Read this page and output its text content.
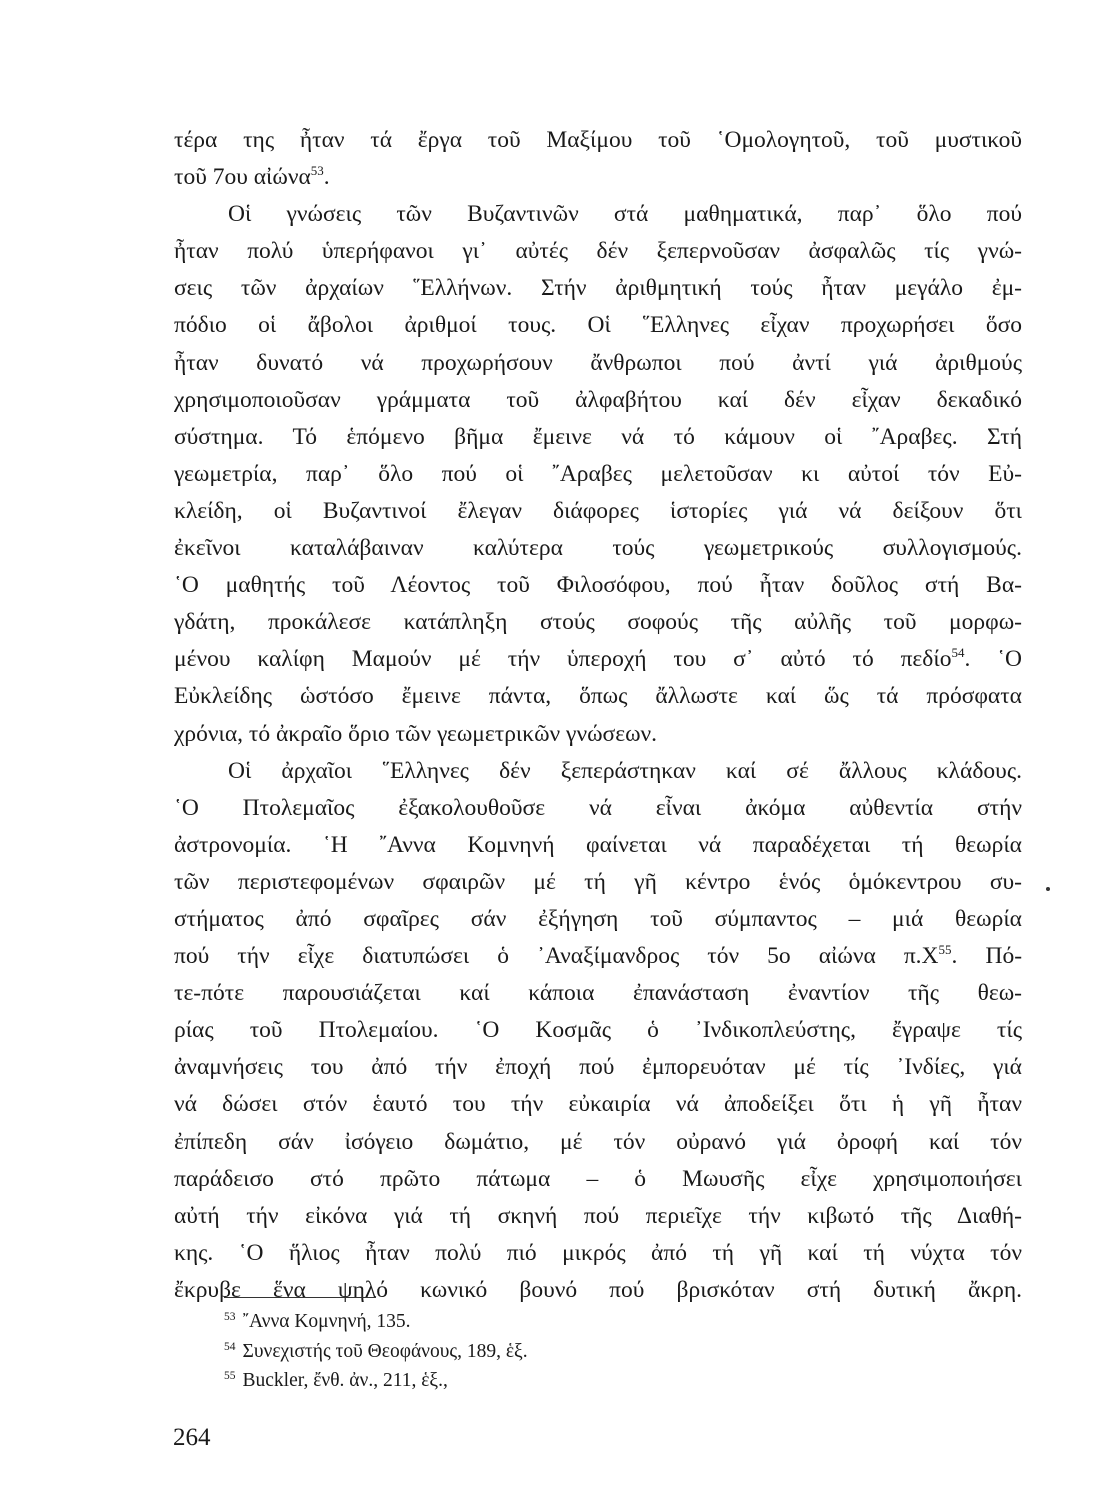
τέρα της ἦταν τά ἔργα τοῦ Μαξίμου τοῦ ῾Ομολογητοῦ, τοῦ μυστικοῦ
τοῦ 7ου αἰώνα$^{53}$.
Οἱ γνώσεις τῶν Βυζαντινῶν στά μαθηματικά, παρ᾿ ὅλο πού
ἦταν πολύ ὑπερήφανοι γι᾿ αὐτές δέν ξεπερνοῦσαν ἀσφαλῶς τίς γνώ-
σεις τῶν ἀρχαίων ῞Ελλήνων. Στήν ἀριθμητική τούς ἦταν μεγάλο ἐμ-
πόδιο οἱ ἄβολοι ἀριθμοί τους. Οἱ ῞Ελληνες εἶχαν προχωρήσει ὅσο
ἦταν δυνατό νά προχωρήσουν ἄνθρωποι πού ἀντί γιά ἀριθμούς
χρησιμοποιοῦσαν γράμματα τοῦ ἀλφαβήτου καί δέν εἶχαν δεκαδικό
σύστημα. Τό ἑπόμενο βῆμα ἔμεινε νά τό κάμουν οἱ ῎Αραβες. Στή
γεωμετρία, παρ᾿ ὅλο πού οἱ ῎Αραβες μελετοῦσαν κι αὐτοί τόν Εὐ-
κλείδη, οἱ Βυζαντινοί ἔλεγαν διάφορες ἱστορίες γιά νά δείξουν ὅτι
ἐκεῖνοι καταλάβαιναν καλύτερα τούς γεωμετρικούς συλλογισμούς.
῾Ο μαθητής τοῦ Λέοντος τοῦ Φιλοσόφου, πού ἦταν δοῦλος στή Βα-
γδάτη, προκάλεσε κατάπληξη στούς σοφούς τῆς αὐλῆς τοῦ μορφω-
μένου καλίφη Μαμούν μέ τήν ὑπεροχή του σ᾿ αὐτό τό πεδίο$^{54}$. ῾Ο
Εὐκλείδης ὡστόσο ἔμεινε πάντα, ὅπως ἄλλωστε καί ὥς τά πρόσφατα
χρόνια, τό ἀκραῖο ὅριο τῶν γεωμετρικῶν γνώσεων.
Οἱ ἀρχαῖοι ῞Ελληνες δέν ξεπεράστηκαν καί σέ ἄλλους κλάδους.
῾Ο Πτολεμαῖος ἐξακολουθοῦσε νά εἶναι ἀκόμα αὐθεντία στήν
ἀστρονομία. ῾Η ῎Αννα Κομνηνή φαίνεται νά παραδέχεται τή θεωρία
τῶν περιστεφομένων σφαιρῶν μέ τή γῆ κέντρο ἑνός ὁμόκεντρου συ-
στήματος ἀπό σφαῖρες σάν ἐξήγηση τοῦ σύμπαντος – μιά θεωρία
πού τήν εἶχε διατυπώσει ὁ ᾿Αναξίμανδρος τόν 5ο αἰώνα $\pi.X^{55}$. Πό-
τε-πότε παρουσιάζεται καί κάποια ἐπανάσταση ἐναντίον τῆς θεω-
ρίας τοῦ Πτολεμαίου. ῾Ο Κοσμᾶς ὁ ᾿Ινδικοπλεύστης, ἔγραψε τίς
ἀναμνήσεις του ἀπό τήν ἐποχή πού ἐμπορευόταν μέ τίς ᾿Ινδίες, γιά
νά δώσει στόν ἑαυτό του τήν εὐκαιρία νά ἀποδείξει ὅτι ἡ γῆ ἦταν
ἐπίπεδη σάν ἰσόγειο δωμάτιο, μέ τόν οὐρανό γιά ὀροφή καί τόν
παράδεισο στό πρῶτο πάτωμα – ὁ Μωυσῆς εἶχε χρησιμοποιήσει
αὐτή τήν εἰκόνα γιά τή σκηνή πού περιεῖχε τήν κιβωτό τῆς Διαθή-
κης. ῾Ο ἥλιος ἦταν πολύ πιό μικρός ἀπό τή γῆ καί τή νύχτα τόν
ἔκρυβε ἕνα ψηλό κωνικό βουνό πού βρισκόταν στή δυτική ἄκρη.
$^{53}$ ῎Αννα Κομνηνή, 135.
$^{54}$ Συνεχιστής τοῦ Θεοφάνους, 189, ἑξ.
$^{55}$ Buckler, ἔνθ. ἀν., 211, ἑξ.,
264
